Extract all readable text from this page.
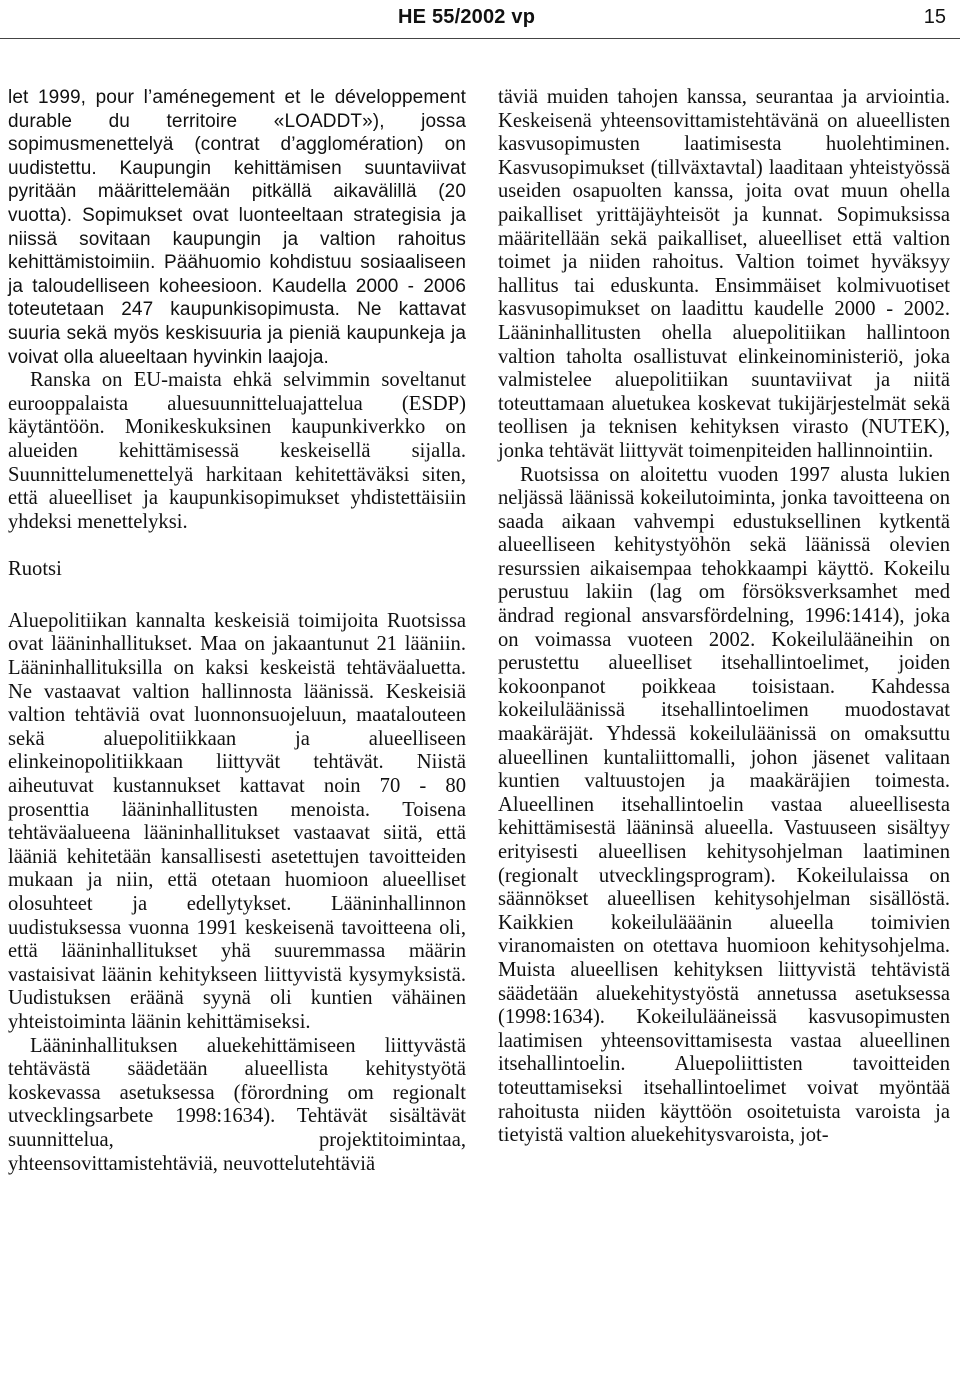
HE 55/2002 vp	15

let 1999, pour l’aménegement et le développement durable du territoire «LOADDT»), jossa sopimusmenettelyä (contrat d’agglomération) on uudistettu. Kaupungin kehittämisen suuntaviivat pyritään määrittelemään pitkällä aikavälillä (20 vuotta). Sopimukset ovat luonteeltaan strategisia ja niissä sovitaan kaupungin ja valtion rahoitus kehittämistoimiin. Päähuomio kohdistuu sosiaaliseen ja taloudelliseen koheesioon. Kaudella 2000 - 2006 toteutetaan 247 kaupunkisopimusta. Ne kattavat suuria sekä myös keskisuuria ja pieniä kaupunkeja ja voivat olla alueeltaan hyvinkin laajoja.

Ranska on EU-maista ehkä selvimmin soveltanut eurooppalaista aluesuunnitteluajattelua (ESDP) käytäntöön. Monikeskuksinen kaupunkiverkko on alueiden kehittämisessä keskeisellä sijalla. Suunnittelumenettelyä harkitaan kehitettäväksi siten, että alueelliset ja kaupunkisopimukset yhdistettäisiin yhdeksi menettelyksi.

Ruotsi

Aluepolitiikan kannalta keskeisiä toimijoita Ruotsissa ovat lääninhallitukset. Maa on jakaantunut 21 lääniin. Lääninhallituksilla on kaksi keskeistä tehtäväaluetta. Ne vastaavat valtion hallinnosta läänissä. Keskeisiä valtion tehtäviä ovat luonnonsuojeluun, maatalouteen sekä aluepolitiikkaan ja alueelliseen elinkeinopolitiikkaan liittyvät tehtävät. Niistä aiheutuvat kustannukset kattavat noin 70 - 80 prosenttia lääninhallitusten menoista. Toisena tehtäväalueena lääninhallitukset vastaavat siitä, että lääniä kehitetään kansallisesti asetettujen tavoitteiden mukaan ja niin, että otetaan huomioon alueelliset olosuhteet ja edellytykset. Lääninhallinnon uudistuksessa vuonna 1991 keskeisenä tavoitteena oli, että lääninhallitukset yhä suuremmassa määrin vastaisivat läänin kehitykseen liittyvistä kysymyksistä. Uudistuksen eräänä syynä oli kuntien vähäinen yhteistoiminta läänin kehittämiseksi.

Lääninhallituksen aluekehittämiseen liittyvästä tehtävästä säädetään alueellista kehitystyötä koskevassa asetuksessa (förordning om regionalt utvecklingsarbete 1998:1634). Tehtävät sisältävät suunnittelua, projektitoimintaa, yhteensovittamistehtäviä, neuvottelutehtäviä

täviä muiden tahojen kanssa, seurantaa ja arviointia. Keskeisenä yhteensovittamistehtävänä on alueellisten kasvusopimusten laatimisesta huolehtiminen. Kasvusopimukset (tillväxtavtal) laaditaan yhteistyössä useiden osapuolten kanssa, joita ovat muun ohella paikalliset yrittäjäyhteisöt ja kunnat. Sopimuksissa määritellään sekä paikalliset, alueelliset että valtion toimet ja niiden rahoitus. Valtion toimet hyväksyy hallitus tai eduskunta. Ensimmäiset kolmivuotiset kasvusopimukset on laadittu kaudelle 2000 - 2002. Lääninhallitusten ohella aluepolitiikan hallintoon valtion taholta osallistuvat elinkeinoministeriö, joka valmistelee aluepolitiikan suuntaviivat ja niitä toteuttamaan aluetukea koskevat tukijärjestelmät sekä teollisen ja teknisen kehityksen virasto (NUTEK), jonka tehtävät liittyvät toimenpiteiden hallinnointiin.

Ruotsissa on aloitettu vuoden 1997 alusta lukien neljässä läänissä kokeilutoiminta, jonka tavoitteena on saada aikaan vahvempi edustuksellinen kytkentä alueelliseen kehitystyöhön sekä läänissä olevien resurssien aikaisempaa tehokkaampi käyttö. Kokeilu perustuu lakiin (lag om försöksverksamhet med ändrad regional ansvarsfördelning, 1996:1414), joka on voimassa vuoteen 2002. Kokeilulääneihin on perustettu alueelliset itsehallintoelimet, joiden kokoonpanot poikkeaa toisistaan. Kahdessa kokeiluläänissä itsehallintoelimen muodostavat maakäräjät. Yhdessä kokeiluläänissä on omaksuttu alueellinen kuntaliittomalli, johon jäsenet valitaan kuntien valtuustojen ja maakäräjien toimesta. Alueellinen itsehallintoelin vastaa alueellisesta kehittämisestä lääninsä alueella. Vastuuseen sisältyy erityisesti alueellisen kehitysohjelman laatiminen (regionalt utvecklingsprogram). Kokeilulaissa on säännökset alueellisen kehitysohjelman sisällöstä. Kaikkien kokeilulääänin alueella toimivien viranomaisten on otettava huomioon kehitysohjelma. Muista alueellisen kehityksen liittyvistä tehtävistä säädetään aluekehitystyöstä annetussa asetuksessa (1998:1634). Kokeilulääneissä kasvusopimusten laatimisen yhteensovittamisesta vastaa alueellinen itsehallintoelin. Aluepoliittisten tavoitteiden toteuttamiseksi itsehallintoelimet voivat myöntää rahoitusta niiden käyttöön osoitetuista varoista ja tietyistä valtion aluekehitysvaroista, jot-
